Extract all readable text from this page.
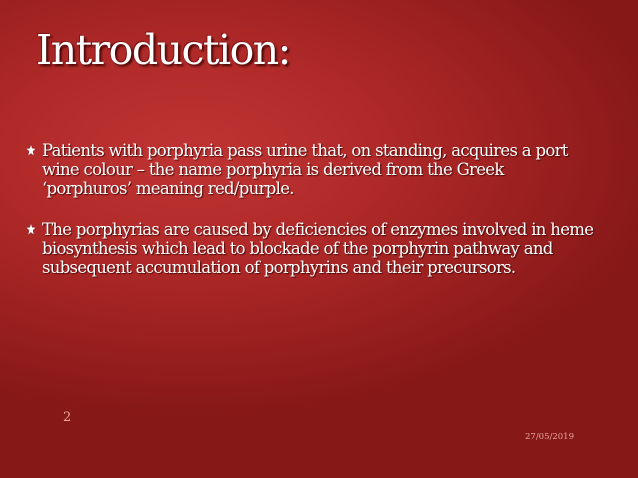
Introduction:
Patients with porphyria pass urine that, on standing, acquires a port wine colour – the name porphyria is derived from the Greek ‘porphuros’ meaning red/purple.
The porphyrias are caused by deficiencies of enzymes involved in heme biosynthesis which lead to blockade of the porphyrin pathway and subsequent accumulation of porphyrins and their precursors.
2
27/05/2019
